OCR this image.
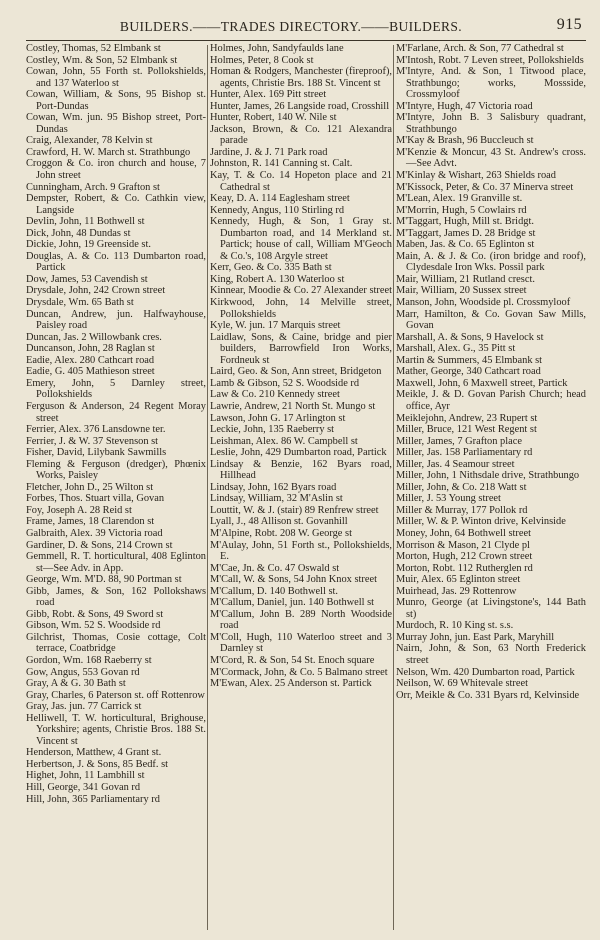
BUILDERS.——TRADES DIRECTORY.——BUILDERS.	915

Costley, Thomas, 52 Elmbank st

Costley, Wm. & Son, 52 Elmbank st

Cowan, John, 55 Forth st. Pollokshields, and 137 Waterloo st

Cowan, William, & Sons, 95 Bishop st. Port-Dundas

Cowan, Wm. jun. 95 Bishop street, Port-Dundas

Craig, Alexander, 78 Kelvin st

Crawford, H. W. March st. Strathbungo

Croggon & Co. iron church and house, 7 John street

Cunningham, Arch. 9 Grafton st

Dempster, Robert, & Co. Cathkin view, Langside

Devlin, John, 11 Bothwell st

Dick, John, 48 Dundas st

Dickie, John, 19 Greenside st.

Douglas, A. & Co. 113 Dumbarton road, Partick

Dow, James, 53 Cavendish st

Drysdale, John, 242 Crown street

Drysdale, Wm. 65 Bath st

Duncan, Andrew, jun. Halfwayhouse, Paisley road

Duncan, Jas. 2 Willowbank cres.

Duncanson, John, 28 Raglan st

Eadie, Alex. 280 Cathcart road

Eadie, G. 405 Mathieson street

Emery, John, 5 Darnley street, Pollokshields

Ferguson & Anderson, 24 Regent Moray street

Ferrier, Alex. 376 Lansdowne ter.

Ferrier, J. & W. 37 Stevenson st

Fisher, David, Lilybank Sawmills

Fleming & Ferguson (dredger), Phœnix Works, Paisley

Fletcher, John D., 25 Wilton st

Forbes, Thos. Stuart villa, Govan

Foy, Joseph A. 28 Reid st

Frame, James, 18 Clarendon st

Galbraith, Alex. 39 Victoria road

Gardiner, D. & Sons, 214 Crown st

Gemmell, R. T. horticultural, 408 Eglinton st—See Adv. in App.

George, Wm. M'D. 88, 90 Portman st

Gibb, James, & Son, 162 Pollokshaws road

Gibb, Robt. & Sons, 49 Sword st

Gibson, Wm. 52 S. Woodside rd

Gilchrist, Thomas, Cosie cottage, Colt terrace, Coatbridge

Gordon, Wm. 168 Raeberry st

Gow, Angus, 553 Govan rd

Gray, A & G. 30 Bath st

Gray, Charles, 6 Paterson st. off Rottenrow

Gray, Jas. jun. 77 Carrick st

Helliwell, T. W. horticultural, Brighouse, Yorkshire; agents, Christie Bros. 188 St. Vincent st

Henderson, Matthew, 4 Grant st.

Herbertson, J. & Sons, 85 Bedf. st

Highet, John, 11 Lambhill st

Hill, George, 341 Govan rd

Hill, John, 365 Parliamentary rd

Holmes, John, Sandyfaulds lane

Holmes, Peter, 8 Cook st

Homan & Rodgers, Manchester (fireproof), agents, Christie Brs. 188 St. Vincent st

Hunter, Alex. 169 Pitt street

Hunter, James, 26 Langside road, Crosshill

Hunter, Robert, 140 W. Nile st

Jackson, Brown, & Co. 121 Alexandra parade

Jardine, J. & J. 71 Park road

Johnston, R. 141 Canning st. Calt.

Kay, T. & Co. 14 Hopeton place and 21 Cathedral st

Keay, D. A. 114 Eaglesham street

Kennedy, Angus, 110 Stirling rd

Kennedy, Hugh, & Son, 1 Gray st. Dumbarton road, and 14 Merkland st. Partick; house of call, William M'Geoch & Co.'s, 108 Argyle street

Kerr, Geo. & Co. 335 Bath st

King, Robert A. 130 Waterloo st

Kinnear, Moodie & Co. 27 Alexander street

Kirkwood, John, 14 Melville street, Pollokshields

Kyle, W. jun. 17 Marquis street

Laidlaw, Sons, & Caine, bridge and pier builders, Barrowfield Iron Works, Fordneuk st

Laird, Geo. & Son, Ann street, Bridgeton

Lamb & Gibson, 52 S. Woodside rd

Law & Co. 210 Kennedy street

Lawrie, Andrew, 21 North St. Mungo st

Lawson, John G. 17 Arlington st

Leckie, John, 135 Raeberry st

Leishman, Alex. 86 W. Campbell st

Leslie, John, 429 Dumbarton road, Partick

Lindsay & Benzie, 162 Byars road, Hillhead

Lindsay, John, 162 Byars road

Lindsay, William, 32 M'Aslin st

Louttit, W. & J. (stair) 89 Renfrew street

Lyall, J., 48 Allison st. Govanhill

M'Alpine, Robt. 208 W. George st

M'Aulay, John, 51 Forth st., Pollokshields, E.

M'Cae, Jn. & Co. 47 Oswald st

M'Call, W. & Sons, 54 John Knox street

M'Callum, D. 140 Bothwell st.

M'Callum, Daniel, jun. 140 Bothwell st

M'Callum, John B. 289 North Woodside road

M'Coll, Hugh, 110 Waterloo street and 3 Darnley st

M'Cord, R. & Son, 54 St. Enoch square

M'Cormack, John, & Co. 5 Balmano street

M'Ewan, Alex. 25 Anderson st. Partick

M'Farlane, Arch. & Son, 77 Cathedral st

M'Intosh, Robt. 7 Leven street, Pollokshields

M'Intyre, And. & Son, 1 Titwood place, Strathbungo; works, Mossside, Crossmyloof

M'Intyre, Hugh, 47 Victoria road

M'Intyre, John B. 3 Salisbury quadrant, Strathbungo

M'Kay & Brash, 96 Buccleuch st

M'Kenzie & Moncur, 43 St. Andrew's cross.—See Advt.

M'Kinlay & Wishart, 263 Shields road

M'Kissock, Peter, & Co. 37 Minerva street

M'Lean, Alex. 19 Granville st.

M'Morrin, Hugh, 5 Cowlairs rd

M'Taggart, Hugh, Mill st. Bridgt.

M'Taggart, James D. 28 Bridge st

Maben, Jas. & Co. 65 Eglinton st

Main, A. & J. & Co. (iron bridge and roof), Clydesdale Iron Wks. Possil park

Mair, William, 21 Rutland cresct.

Mair, William, 20 Sussex street

Manson, John, Woodside pl. Crossmyloof

Marr, Hamilton, & Co. Govan Saw Mills, Govan

Marshall, A. & Sons, 9 Havelock st

Marshall, Alex. G., 35 Pitt st

Martin & Summers, 45 Elmbank st

Mather, George, 340 Cathcart road

Maxwell, John, 6 Maxwell street, Partick

Meikle, J. & D. Govan Parish Church; head office, Ayr

Meiklejohn, Andrew, 23 Rupert st

Miller, Bruce, 121 West Regent st

Miller, James, 7 Grafton place

Miller, Jas. 158 Parliamentary rd

Miller, Jas. 4 Seamour street

Miller, John, 1 Nithsdale drive, Strathbungo

Miller, John, & Co. 218 Watt st

Miller, J. 53 Young street

Miller & Murray, 177 Pollok rd

Miller, W. & P. Winton drive, Kelvinside

Money, John, 64 Bothwell street

Morrison & Mason, 21 Clyde pl

Morton, Hugh, 212 Crown street

Morton, Robt. 112 Rutherglen rd

Muir, Alex. 65 Eglinton street

Muirhead, Jas. 29 Rottenrow

Munro, George (at Livingstone's, 144 Bath st)

Murdoch, R. 10 King st. s.s.

Murray John, jun. East Park, Maryhill

Nairn, John, & Son, 63 North Frederick street

Nelson, Wm. 420 Dumbarton road, Partick

Neilson, W. 69 Whitevale street

Orr, Meikle & Co. 331 Byars rd, Kelvinside
